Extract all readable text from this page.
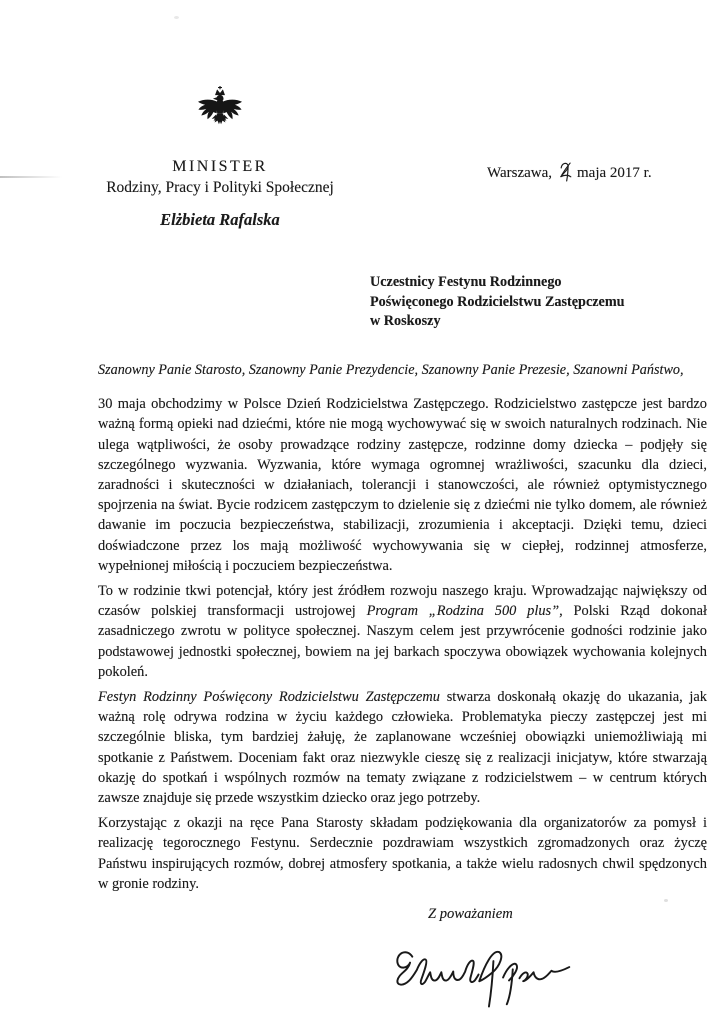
MINISTER
Rodziny, Pracy i Polityki Społecznej
Elżbieta Rafalska
Warszawa, maja 2017 r.
Uczestnicy Festynu Rodzinnego
Poświęconego Rodzicielstwu Zastępczemu
w Roskoszy
Szanowny Panie Starosto, Szanowny Panie Prezydencie, Szanowny Panie Prezesie, Szanowni Państwo,

30 maja obchodzimy w Polsce Dzień Rodzicielstwa Zastępczego. Rodzicielstwo zastępcze jest bardzo ważną formą opieki nad dziećmi, które nie mogą wychowywać się w swoich naturalnych rodzinach. Nie ulega wątpliwości, że osoby prowadzące rodziny zastępcze, rodzinne domy dziecka – podjęły się szczególnego wyzwania. Wyzwania, które wymaga ogromnej wrażliwości, szacunku dla dzieci, zaradności i skuteczności w działaniach, tolerancji i stanowczości, ale również optymistycznego spojrzenia na świat. Bycie rodzicem zastępczym to dzielenie się z dziećmi nie tylko domem, ale również dawanie im poczucia bezpieczeństwa, stabilizacji, zrozumienia i akceptacji. Dzięki temu, dzieci doświadczone przez los mają możliwość wychowywania się w ciepłej, rodzinnej atmosferze, wypełnionej miłością i poczuciem bezpieczeństwa.

To w rodzinie tkwi potencjał, który jest źródłem rozwoju naszego kraju. Wprowadzając największy od czasów polskiej transformacji ustrojowej Program „Rodzina 500 plus”, Polski Rząd dokonał zasadniczego zwrotu w polityce społecznej. Naszym celem jest przywrócenie godności rodzinie jako podstawowej jednostki społecznej, bowiem na jej barkach spoczywa obowiązek wychowania kolejnych pokoleń.

Festyn Rodzinny Poświęcony Rodzicielstwu Zastępczemu stwarza doskonałą okazję do ukazania, jak ważną rolę odrywa rodzina w życiu każdego człowieka. Problematyka pieczy zastępczej jest mi szczególnie bliska, tym bardziej żałuję, że zaplanowane wcześniej obowiązki uniemożliwiają mi spotkanie z Państwem. Doceniam fakt oraz niezwykle cieszę się z realizacji inicjatyw, które stwarzają okazję do spotkań i wspólnych rozmów na tematy związane z rodzicielstwem – w centrum których zawsze znajduje się przede wszystkim dziecko oraz jego potrzeby.

Korzystając z okazji na ręce Pana Starosty składam podziękowania dla organizatorów za pomysł i realizację tegorocznego Festynu. Serdecznie pozdrawiam wszystkich zgromadzonych oraz życzę Państwu inspirujących rozmów, dobrej atmosfery spotkania, a także wielu radosnych chwil spędzonych w gronie rodziny.

Z poważaniem
